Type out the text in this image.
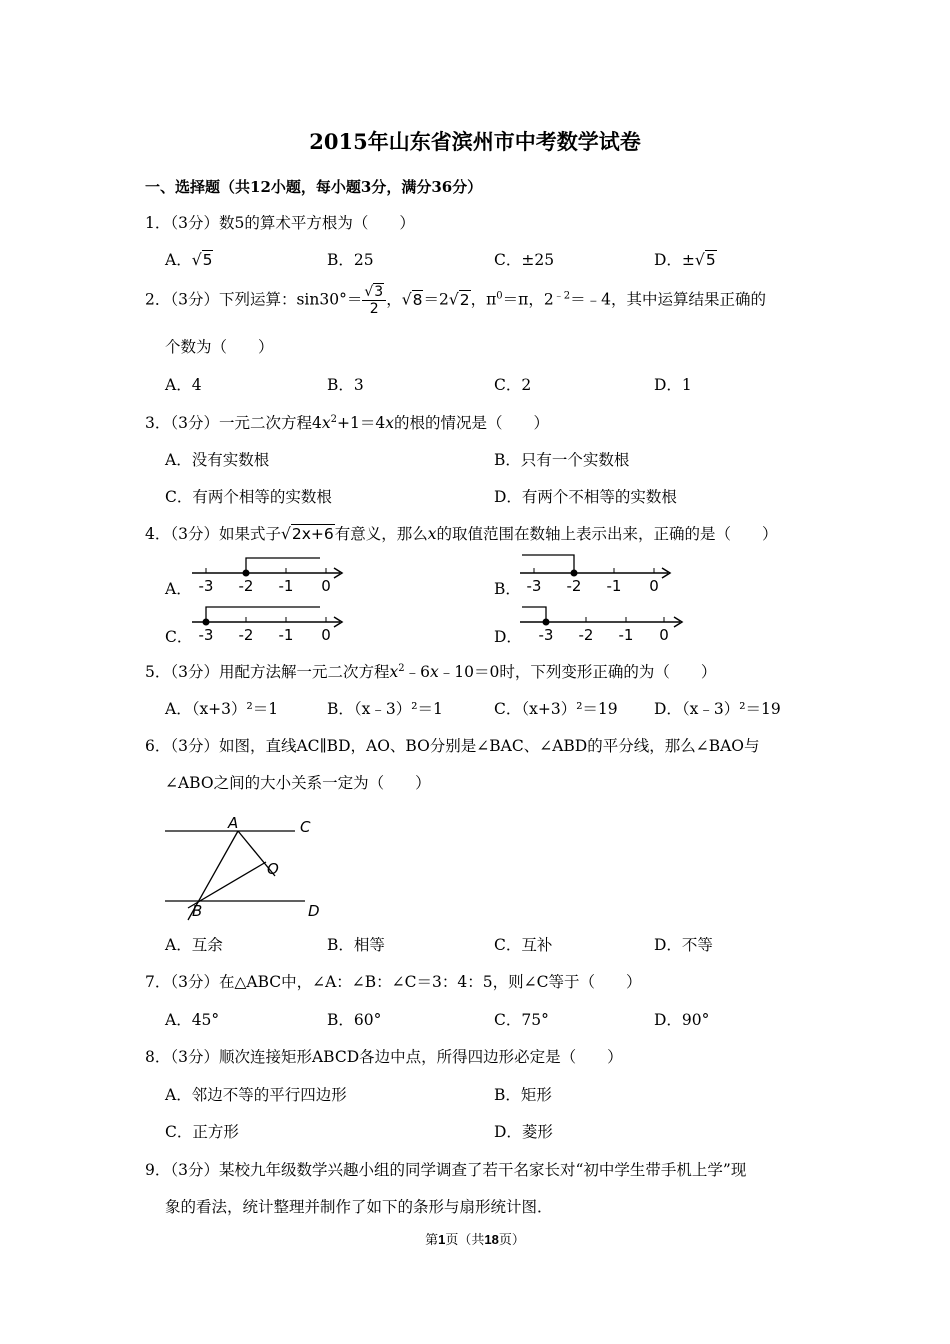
2015年山东省滨州市中考数学试卷
一、选择题（共12小题，每小题3分，满分36分）
1．（3分）数5的算术平方根为（　　）
A．√5	B．25	C．±25	D．±√5
2．（3分）下列运算：$\sin 30^\circ= \frac{√3}{2}$ ，√8＝2√2，$\pi^0=\pi$，$2^{﹣2}=﹣4$，其中运算结果正确的
个数为（　　）
A．4	B．3	C．2	D．1
3．（3分）一元二次方程$4x^2+1=4x$的根的情况是（　　）
A．没有实数根	B．只有一个实数根
C．有两个相等的实数根	D．有两个不相等的实数根
4．（3分）如果式子√2x+6有意义，那么x的取值范围在数轴上表示出来，正确的是（　　）
A．	B．
C．	D．
-3 -2 -1 0	-3 -2 -1 0
-3 -2 -1 0	-3 -2 -1 0
5．（3分）用配方法解一元二次方程$x^2﹣6x﹣10=0$时，下列变形正确的为（　　）
A．（x+3）²＝1	B．（x﹣3）²＝1	C．（x+3）²＝19 D．（x﹣3）²＝19
6．（3分）如图，直线AC∥BD，AO、BO分别是∠BAC、∠ABD的平分线，那么∠BAO与
∠ABO之间的大小关系一定为（　　）
A	C
O
B	D
A．互余	B．相等	C．互补	D．不等
7．（3分）在△ABC中，∠A：∠B：∠C＝3：4：5，则∠C等于（　　）
A．45°	B．60°	C．75°	D．90°
8．（3分）顺次连接矩形ABCD各边中点，所得四边形必定是（　　）
A．邻边不等的平行四边形	B．矩形
C．正方形	D．菱形
9．（3分）某校九年级数学兴趣小组的同学调查了若干名家长对“初中学生带手机上学”现
象的看法，统计整理并制作了如下的条形与扇形统计图．
第1页（共18页）
